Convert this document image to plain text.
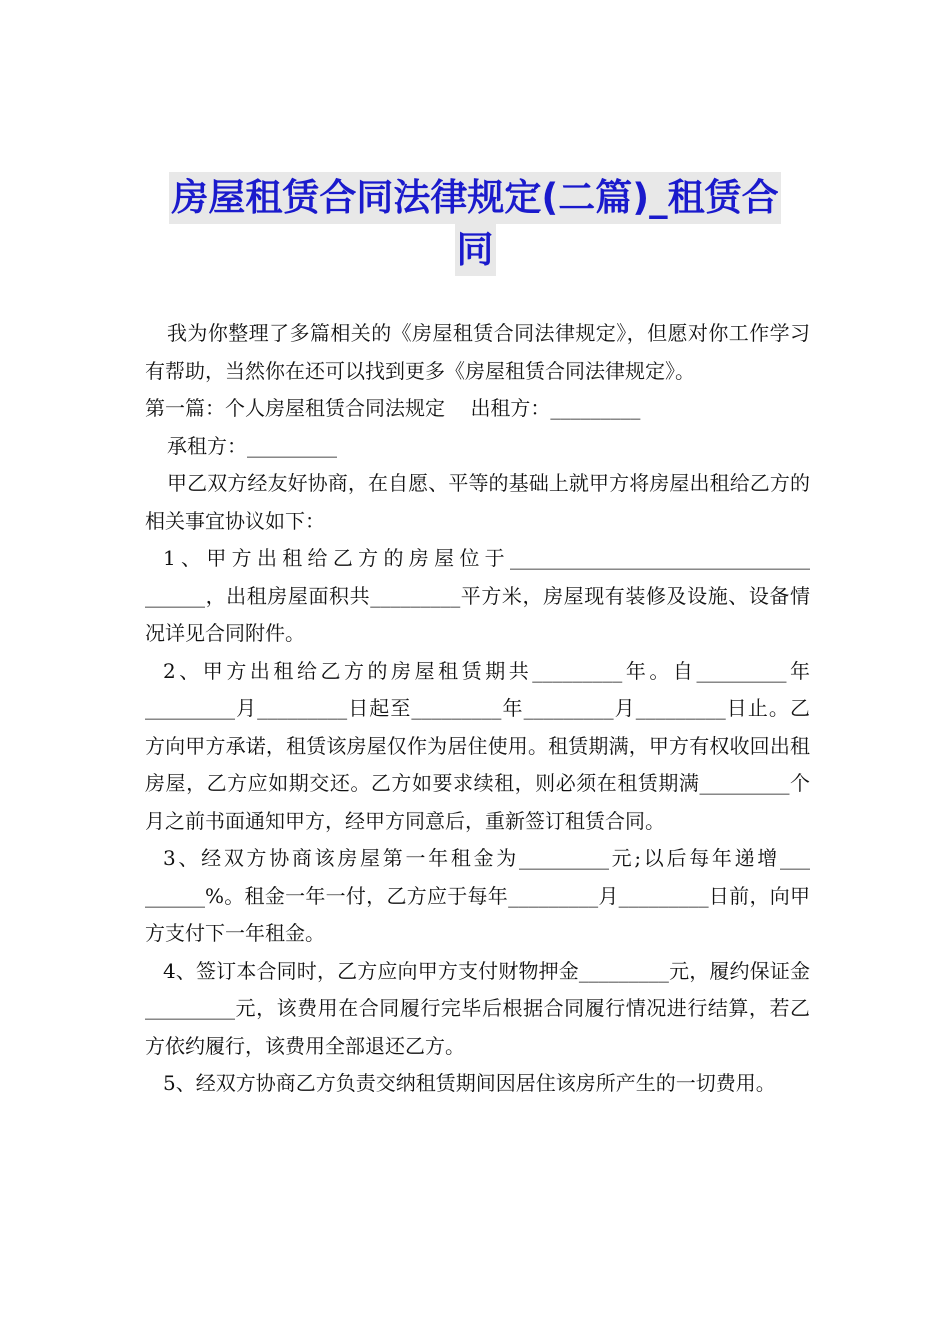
房屋租赁合同法律规定(二篇)_租赁合
同

我为你整理了多篇相关的《房屋租赁合同法律规定》，但愿对你工作学习有帮助，当然你在还可以找到更多《房屋租赁合同法律规定》。

第一篇：个人房屋租赁合同法规定 出租方：_________

承租方：_________

甲乙双方经友好协商，在自愿、平等的基础上就甲方将房屋出租给乙方的相关事宜协议如下：

1、甲方出租给乙方的房屋位于______________________________ ______，出租房屋面积共_________平方米，房屋现有装修及设施、设备情况详见合同附件。

2、甲方出租给乙方的房屋租赁期共_________年。自_________年 _________月_________日起至_________年_________月_________日止。乙方向甲方承诺，租赁该房屋仅作为居住使用。租赁期满，甲方有权收回出租房屋，乙方应如期交还。乙方如要求续租，则必须在租赁期满_________个月之前书面通知甲方，经甲方同意后，重新签订租赁合同。

3、经双方协商该房屋第一年租金为_________元;以后每年递增___ ______%。租金一年一付，乙方应于每年_________月_________日前，向甲方支付下一年租金。

4、签订本合同时，乙方应向甲方支付财物押金_________元，履约保证金_________元，该费用在合同履行完毕后根据合同履行情况进行结算，若乙方依约履行，该费用全部退还乙方。

5、经双方协商乙方负责交纳租赁期间因居住该房所产生的一切费用。
